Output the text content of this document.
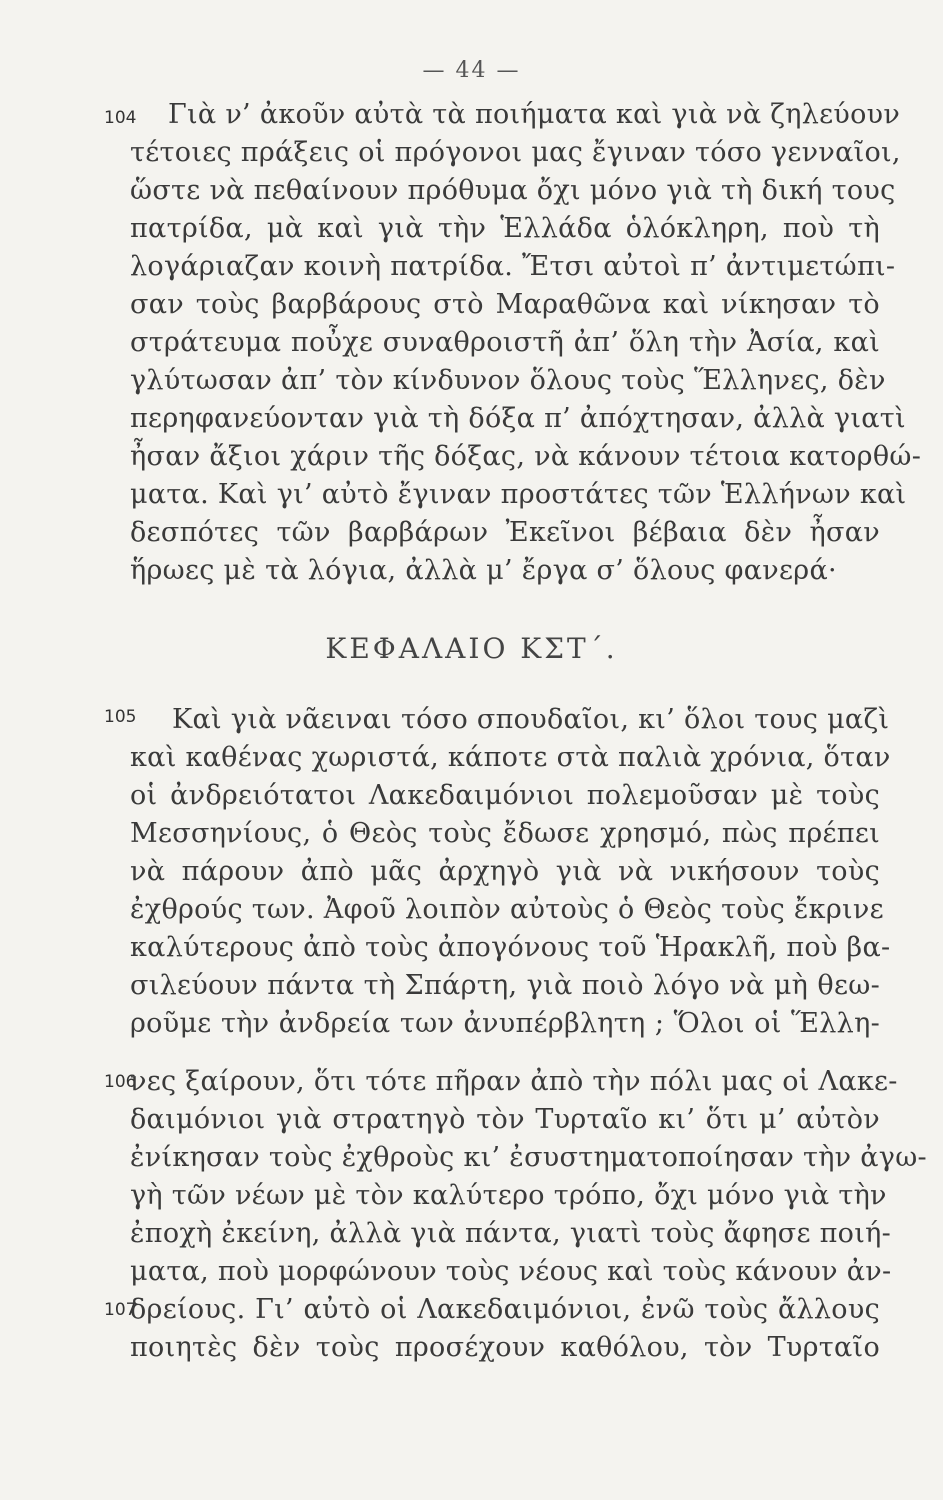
— 44 —
104 Γιὰ ν’ ἀκοῦν αὐτὰ τὰ ποιήματα καὶ γιὰ νὰ ζηλεύουν
τέτοιες πράξεις οἱ πρόγονοι μας ἔγιναν τόσο γενναῖοι,
ὥστε νὰ πεθαίνουν πρόθυμα ὄχι μόνο γιὰ τὴ δική τους
πατρίδα, μὰ καὶ γιὰ τὴν Ἑλλάδα ὁλόκληρη, ποὺ τὴ
λογάριαζαν κοινὴ πατρίδα. Ἔτσι αὐτοὶ π’ ἀντιμετώπι-
σαν τοὺς βαρβάρους στὸ Μαραθῶνα καὶ νίκησαν τὸ
στράτευμα ποὖχε συναθροιστῆ ἀπ’ ὅλη τὴν Ἀσία, καὶ
γλύτωσαν ἀπ’ τὸν κίνδυνον ὅλους τοὺς Ἕλληνες, δὲν
περηφανεύονταν γιὰ τὴ δόξα π’ ἀπόχτησαν, ἀλλὰ γιατὶ
ἦσαν ἄξιοι χάριν τῆς δόξας, νὰ κάνουν τέτοια κατορθώ-
ματα. Καὶ γι’ αὐτὸ ἔγιναν προστάτες τῶν Ἑλλήνων καὶ
δεσπότες τῶν βαρβάρων Ἐκεῖνοι βέβαια δὲν ἦσαν
ἥρωες μὲ τὰ λόγια, ἀλλὰ μ’ ἔργα σ’ ὅλους φανερά·
ΚΕΦΑΛΑΙΟ ΚΣΤ΄.
105
106
107
Καὶ γιὰ νᾶειναι τόσο σπουδαῖοι, κι’ ὅλοι τους μαζὶ
καὶ καθένας χωριστά, κάποτε στὰ παλιὰ χρόνια, ὅταν
οἱ ἀνδρειότατοι Λακεδαιμόνιοι πολεμοῦσαν μὲ τοὺς
Μεσσηνίους, ὁ Θεὸς τοὺς ἔδωσε χρησμό, πὼς πρέπει
νὰ πάρουν ἀπὸ μᾶς ἀρχηγὸ γιὰ νὰ νικήσουν τοὺς
ἐχθρούς των. Ἀφοῦ λοιπὸν αὐτοὺς ὁ Θεὸς τοὺς ἔκρινε
καλύτερους ἀπὸ τοὺς ἀπογόνους τοῦ Ἡρακλῆ, ποὺ βα-
σιλεύουν πάντα τὴ Σπάρτη, γιὰ ποιὸ λόγο νὰ μὴ θεω-
ροῦμε τὴν ἀνδρεία των ἀνυπέρβλητη ; Ὅλοι οἱ Ἕλλη-
νες ξαίρουν, ὅτι τότε πῆραν ἀπὸ τὴν πόλι μας οἱ Λακε-
δαιμόνιοι γιὰ στρατηγὸ τὸν Τυρταῖο κι’ ὅτι μ’ αὐτὸν
ἐνίκησαν τοὺς ἐχθροὺς κι’ ἐσυστηματοποίησαν τὴν ἀγω-
γὴ τῶν νέων μὲ τὸν καλύτερο τρόπο, ὄχι μόνο γιὰ τὴν
ἐποχὴ ἐκείνη, ἀλλὰ γιὰ πάντα, γιατὶ τοὺς ἄφησε ποιή-
ματα, ποὺ μορφώνουν τοὺς νέους καὶ τοὺς κάνουν ἀν-
δρείους. Γι’ αὐτὸ οἱ Λακεδαιμόνιοι, ἐνῶ τοὺς ἄλλους
ποιητὲς δὲν τοὺς προσέχουν καθόλου, τὸν Τυρταῖο
